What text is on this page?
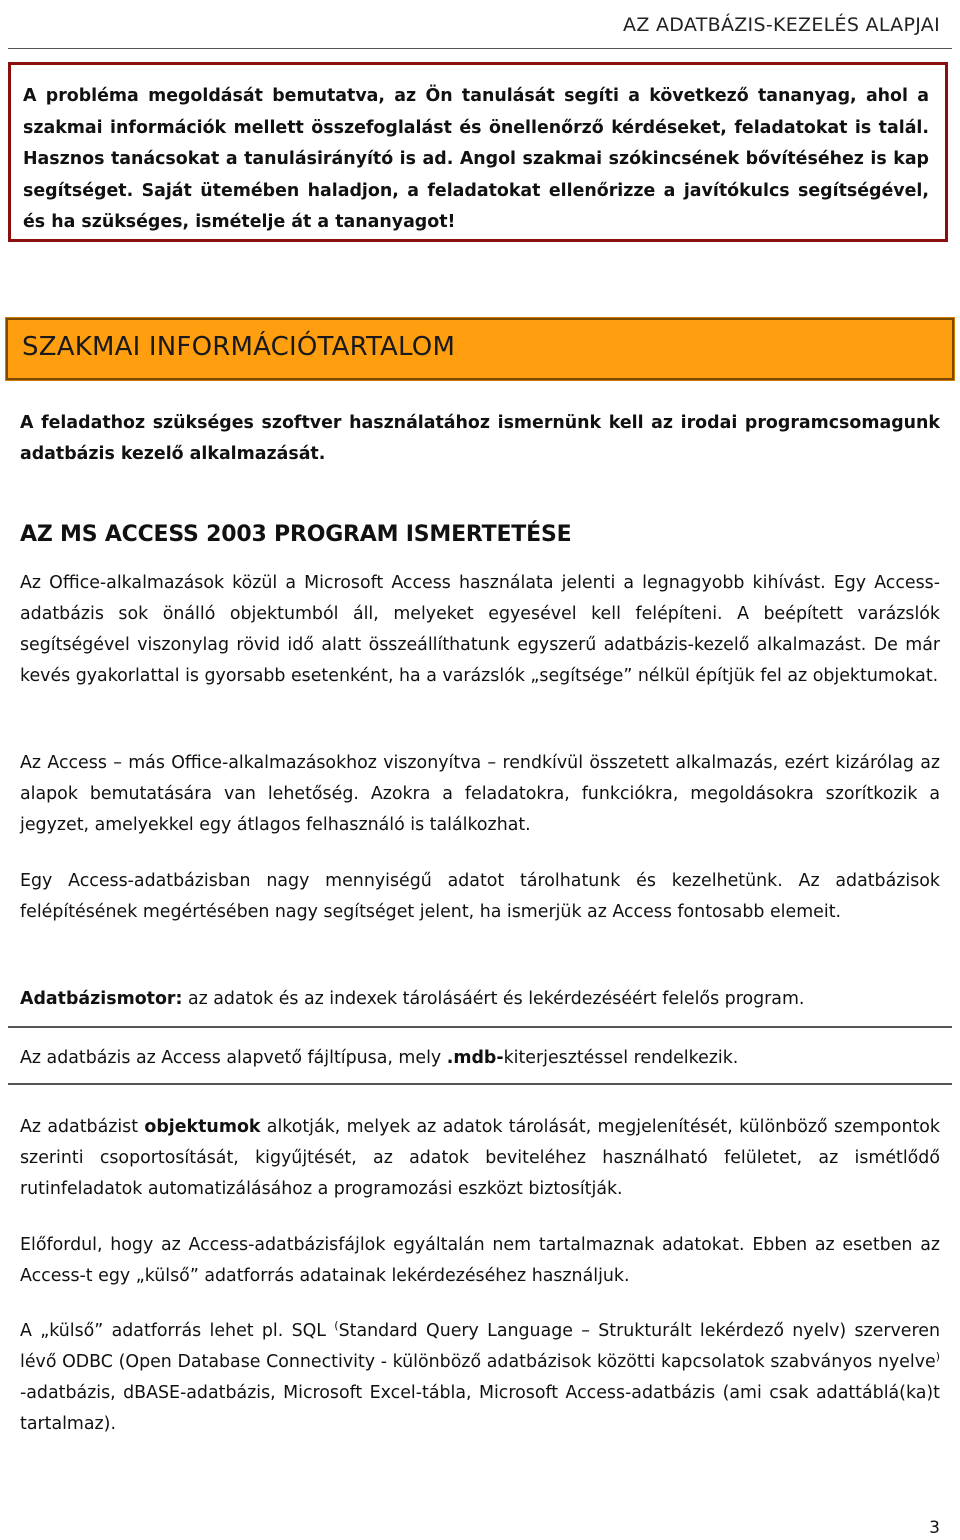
AZ ADATBÁZIS-KEZELÉS ALAPJAI
A probléma megoldását bemutatva, az Ön tanulását segíti a következő tananyag, ahol a szakmai információk mellett összefoglalást és önellenőrző kérdéseket, feladatokat is talál. Hasznos tanácsokat a tanulásirányító is ad. Angol szakmai szókincsének bővítéséhez is kap segítséget. Saját ütemében haladjon, a feladatokat ellenőrizze a javítókulcs segítségével, és ha szükséges, ismételje át a tananyagot!
SZAKMAI INFORMÁCIÓTARTALOM
A feladathoz szükséges szoftver használatához ismernünk kell az irodai programcsomagunk adatbázis kezelő alkalmazását.
AZ MS ACCESS 2003 PROGRAM ISMERTETÉSE

Az Office-alkalmazások közül a Microsoft Access használata jelenti a legnagyobb kihívást. Egy Access-adatbázis sok önálló objektumból áll, melyeket egyesével kell felépíteni. A beépített varázslók segítségével viszonylag rövid idő alatt összeállíthatunk egyszerű adatbázis-kezelő alkalmazást. De már kevés gyakorlattal is gyorsabb esetenként, ha a varázslók „segítsége” nélkül építjük fel az objektumokat.

Az Access – más Office-alkalmazásokhoz viszonyítva – rendkívül összetett alkalmazás, ezért kizárólag az alapok bemutatására van lehetőség. Azokra a feladatokra, funkciókra, megoldásokra szorítkozik a jegyzet, amelyekkel egy átlagos felhasználó is találkozhat.

Egy Access-adatbázisban nagy mennyiségű adatot tárolhatunk és kezelhetünk. Az adatbázisok felépítésének megértésében nagy segítséget jelent, ha ismerjük az Access fontosabb elemeit.

Adatbázismotor: az adatok és az indexek tárolásáért és lekérdezéséért felelős program.

Az adatbázis az Access alapvető fájltípusa, mely .mdb-kiterjesztéssel rendelkezik.

Az adatbázist objektumok alkotják, melyek az adatok tárolását, megjelenítését, különböző szempontok szerinti csoportosítását, kigyűjtését, az adatok beviteléhez használható felületet, az ismétlődő rutinfeladatok automatizálásához a programozási eszközt biztosítják.

Előfordul, hogy az Access-adatbázisfájlok egyáltalán nem tartalmaznak adatokat. Ebben az esetben az Access-t egy „külső” adatforrás adatainak lekérdezéséhez használjuk.

A „külső” adatforrás lehet pl. SQL (Standard Query Language – Strukturált lekérdező nyelv) szerveren lévő ODBC (Open Database Connectivity - különböző adatbázisok közötti kapcsolatok szabványos nyelve) -adatbázis, dBASE-adatbázis, Microsoft Excel-tábla, Microsoft Access-adatbázis (ami csak adattáblá(ka)t tartalmaz).

3
